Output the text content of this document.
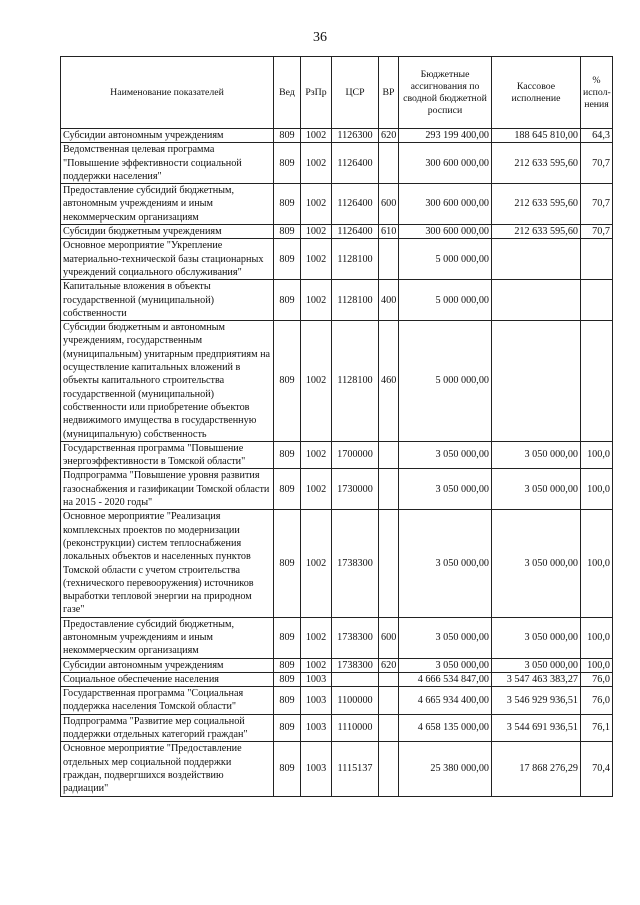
36
Наименование показателей	Вед	РзПр	ЦСР	ВР	Бюджетные ассигнования по сводной бюджетной росписи	Кассовое исполнение	% испол-нения
Субсидии автономным учреждениям	809	1002	1126300	620	293 199 400,00	188 645 810,00	64,3
Ведомственная целевая программа "Повышение эффективности социальной поддержки населения"	809	1002	1126400		300 600 000,00	212 633 595,60	70,7
Предоставление субсидий бюджетным, автономным учреждениям и иным некоммерческим организациям	809	1002	1126400	600	300 600 000,00	212 633 595,60	70,7
Субсидии бюджетным учреждениям	809	1002	1126400	610	300 600 000,00	212 633 595,60	70,7
Основное мероприятие "Укрепление материально-технической базы стационарных учреждений социального обслуживания"	809	1002	1128100		5 000 000,00		
Капитальные вложения в объекты государственной (муниципальной) собственности	809	1002	1128100	400	5 000 000,00		
Субсидии бюджетным и автономным учреждениям, государственным (муниципальным) унитарным предприятиям на осуществление капитальных вложений в объекты капитального строительства государственной (муниципальной) собственности или приобретение объектов недвижимого имущества в государственную (муниципальную) собственность	809	1002	1128100	460	5 000 000,00		
Государственная программа "Повышение энергоэффективности в Томской области"	809	1002	1700000		3 050 000,00	3 050 000,00	100,0
Подпрограмма "Повышение уровня развития газоснабжения и газификации Томской области на 2015 - 2020 годы"	809	1002	1730000		3 050 000,00	3 050 000,00	100,0
Основное мероприятие "Реализация комплексных проектов по модернизации (реконструкции) систем теплоснабжения локальных объектов и населенных пунктов Томской области с учетом строительства (технического перевооружения) источников выработки тепловой энергии на природном газе"	809	1002	1738300		3 050 000,00	3 050 000,00	100,0
Предоставление субсидий бюджетным, автономным учреждениям и иным некоммерческим организациям	809	1002	1738300	600	3 050 000,00	3 050 000,00	100,0
Субсидии автономным учреждениям	809	1002	1738300	620	3 050 000,00	3 050 000,00	100,0
Социальное обеспечение населения	809	1003			4 666 534 847,00	3 547 463 383,27	76,0
Государственная программа "Социальная поддержка населения Томской области"	809	1003	1100000		4 665 934 400,00	3 546 929 936,51	76,0
Подпрограмма "Развитие мер социальной поддержки отдельных категорий граждан"	809	1003	1110000		4 658 135 000,00	3 544 691 936,51	76,1
Основное мероприятие "Предоставление отдельных мер социальной поддержки граждан, подвергшихся воздействию радиации"	809	1003	1115137		25 380 000,00	17 868 276,29	70,4
